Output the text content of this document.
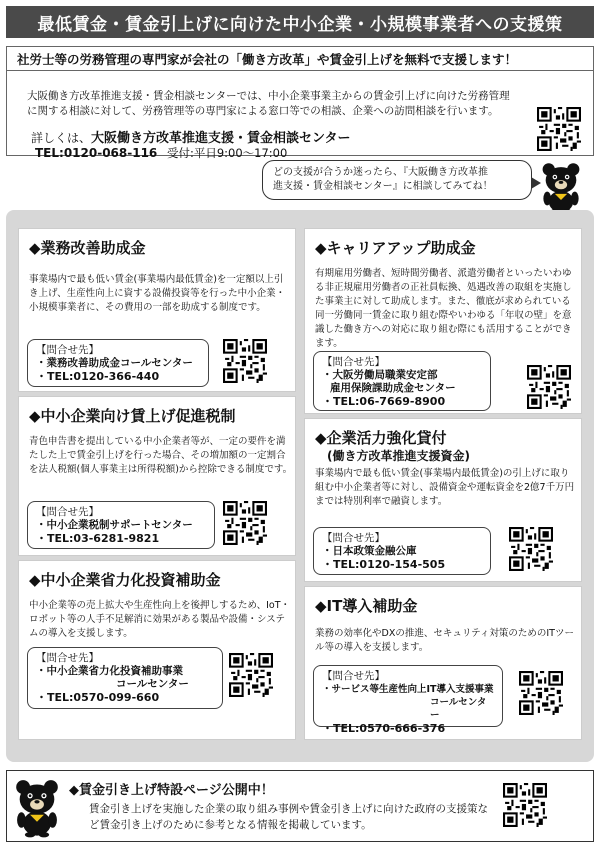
最低賃金・賃金引上げに向けた中小企業・小規模事業者への支援策
社労士等の労務管理の専門家が会社の「働き方改革」や賃金引上げを無料で支援します！
大阪働き方改革推進支援・賃金相談センターでは、中小企業事業主からの賃金引上げに向けた労務管理に関する相談に対して、労務管理等の専門家による窓口等での相談、企業への訪問相談を行います。
詳しくは、大阪働き方改革推進支援・賃金相談センター
TEL:0120-068-116 受付:平日9:00～17:00
どの支援が合うか迷ったら、『大阪働き方改革推
進支援・賃金相談センター』に相談してみてね！
◆業務改善助成金
事業場内で最も低い賃金(事業場内最低賃金)を一定額以上引き上げ、生産性向上に資する設備投資等を行った中小企業・小規模事業者に、その費用の一部を助成する制度です。
【問合せ先】
・業務改善助成金コールセンター
・TEL:0120-366-440
◆中小企業向け賃上げ促進税制
青色申告書を提出している中小企業者等が、一定の要件を満たした上で賃金引上げを行った場合、その増加額の一定割合を法人税額(個人事業主は所得税額)から控除できる制度です。
【問合せ先】
・中小企業税制サポートセンター
・TEL:03-6281-9821
◆中小企業省力化投資補助金
中小企業等の売上拡大や生産性向上を後押しするため、IoT・ロボット等の人手不足解消に効果がある製品や設備・システムの導入を支援します。
【問合せ先】
・中小企業省力化投資補助事業
コールセンター
・TEL:0570-099-660
◆キャリアアップ助成金
有期雇用労働者、短時間労働者、派遣労働者といったいわゆる非正規雇用労働者の正社員転換、処遇改善の取組を実施した事業主に対して助成します。また、徹底が求められている同一労働同一賃金に取り組む際やいわゆる「年収の壁」を意識した働き方への対応に取り組む際にも活用することができます。
【問合せ先】
・大阪労働局職業安定部
雇用保険課助成金センター
・TEL:06-7669-8900
◆企業活力強化貸付
(働き方改革推進支援資金)
事業場内で最も低い賃金(事業場内最低賃金)の引上げに取り組む中小企業者等に対し、設備資金や運転資金を2億7千万円までは特別利率で融資します。
【問合せ先】
・日本政策金融公庫
・TEL:0120-154-505
◆IT導入補助金
業務の効率化やDXの推進、セキュリティ対策のためのITツール等の導入を支援します。
【問合せ先】
・サービス等生産性向上IT導入支援事業
コールセンター
・TEL:0570-666-376
◆賃金引き上げ特設ページ公開中！
賃金引き上げを実施した企業の取り組み事例や賃金引き上げに向けた政府の支援策など賃金引き上げのために参考となる情報を掲載しています。
